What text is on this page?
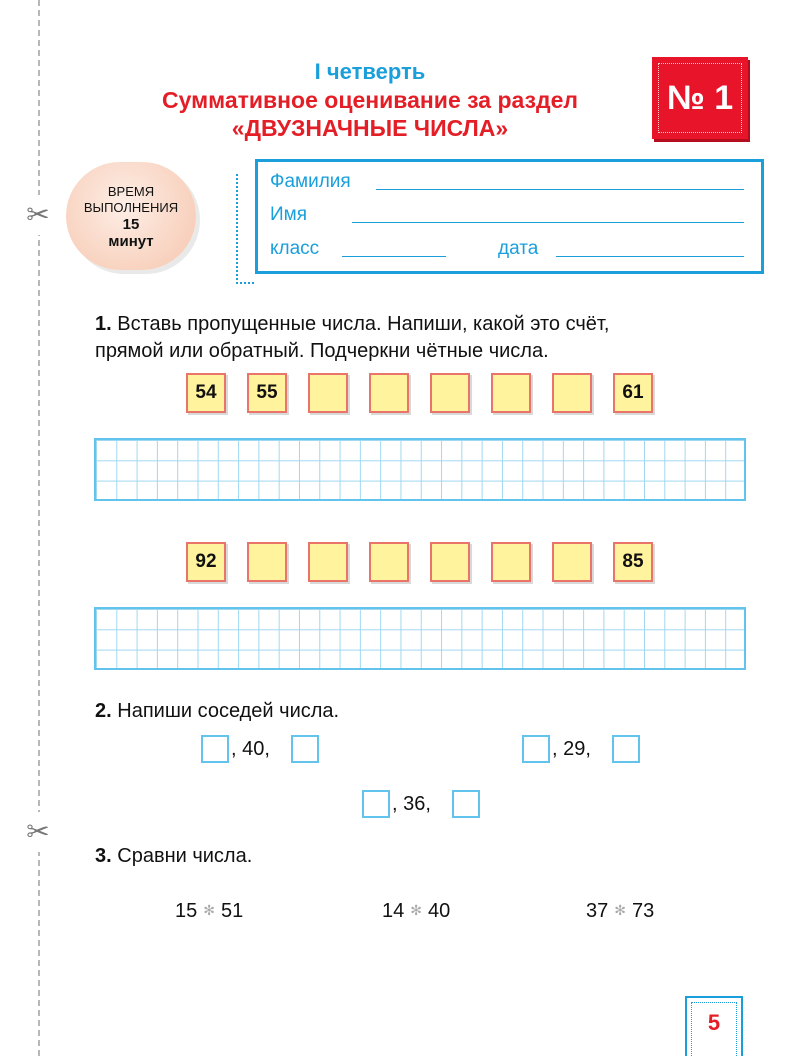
✂
✂
I четверть
Суммативное оценивание за раздел
«ДВУЗНАЧНЫЕ ЧИСЛА»
№ 1
ВРЕМЯ
ВЫПОЛНЕНИЯ
15
минут
Фамилия
Имя
класс	дата
1. Вставь пропущенные числа. Напиши, какой это счёт,
прямой или обратный. Подчеркни чётные числа.
54	55	61
92	85
2. Напиши соседей числа.
, 40,	, 29,
, 36,
3. Сравни числа.
15 ✻ 51	14 ✻ 40	37 ✻ 73
5
